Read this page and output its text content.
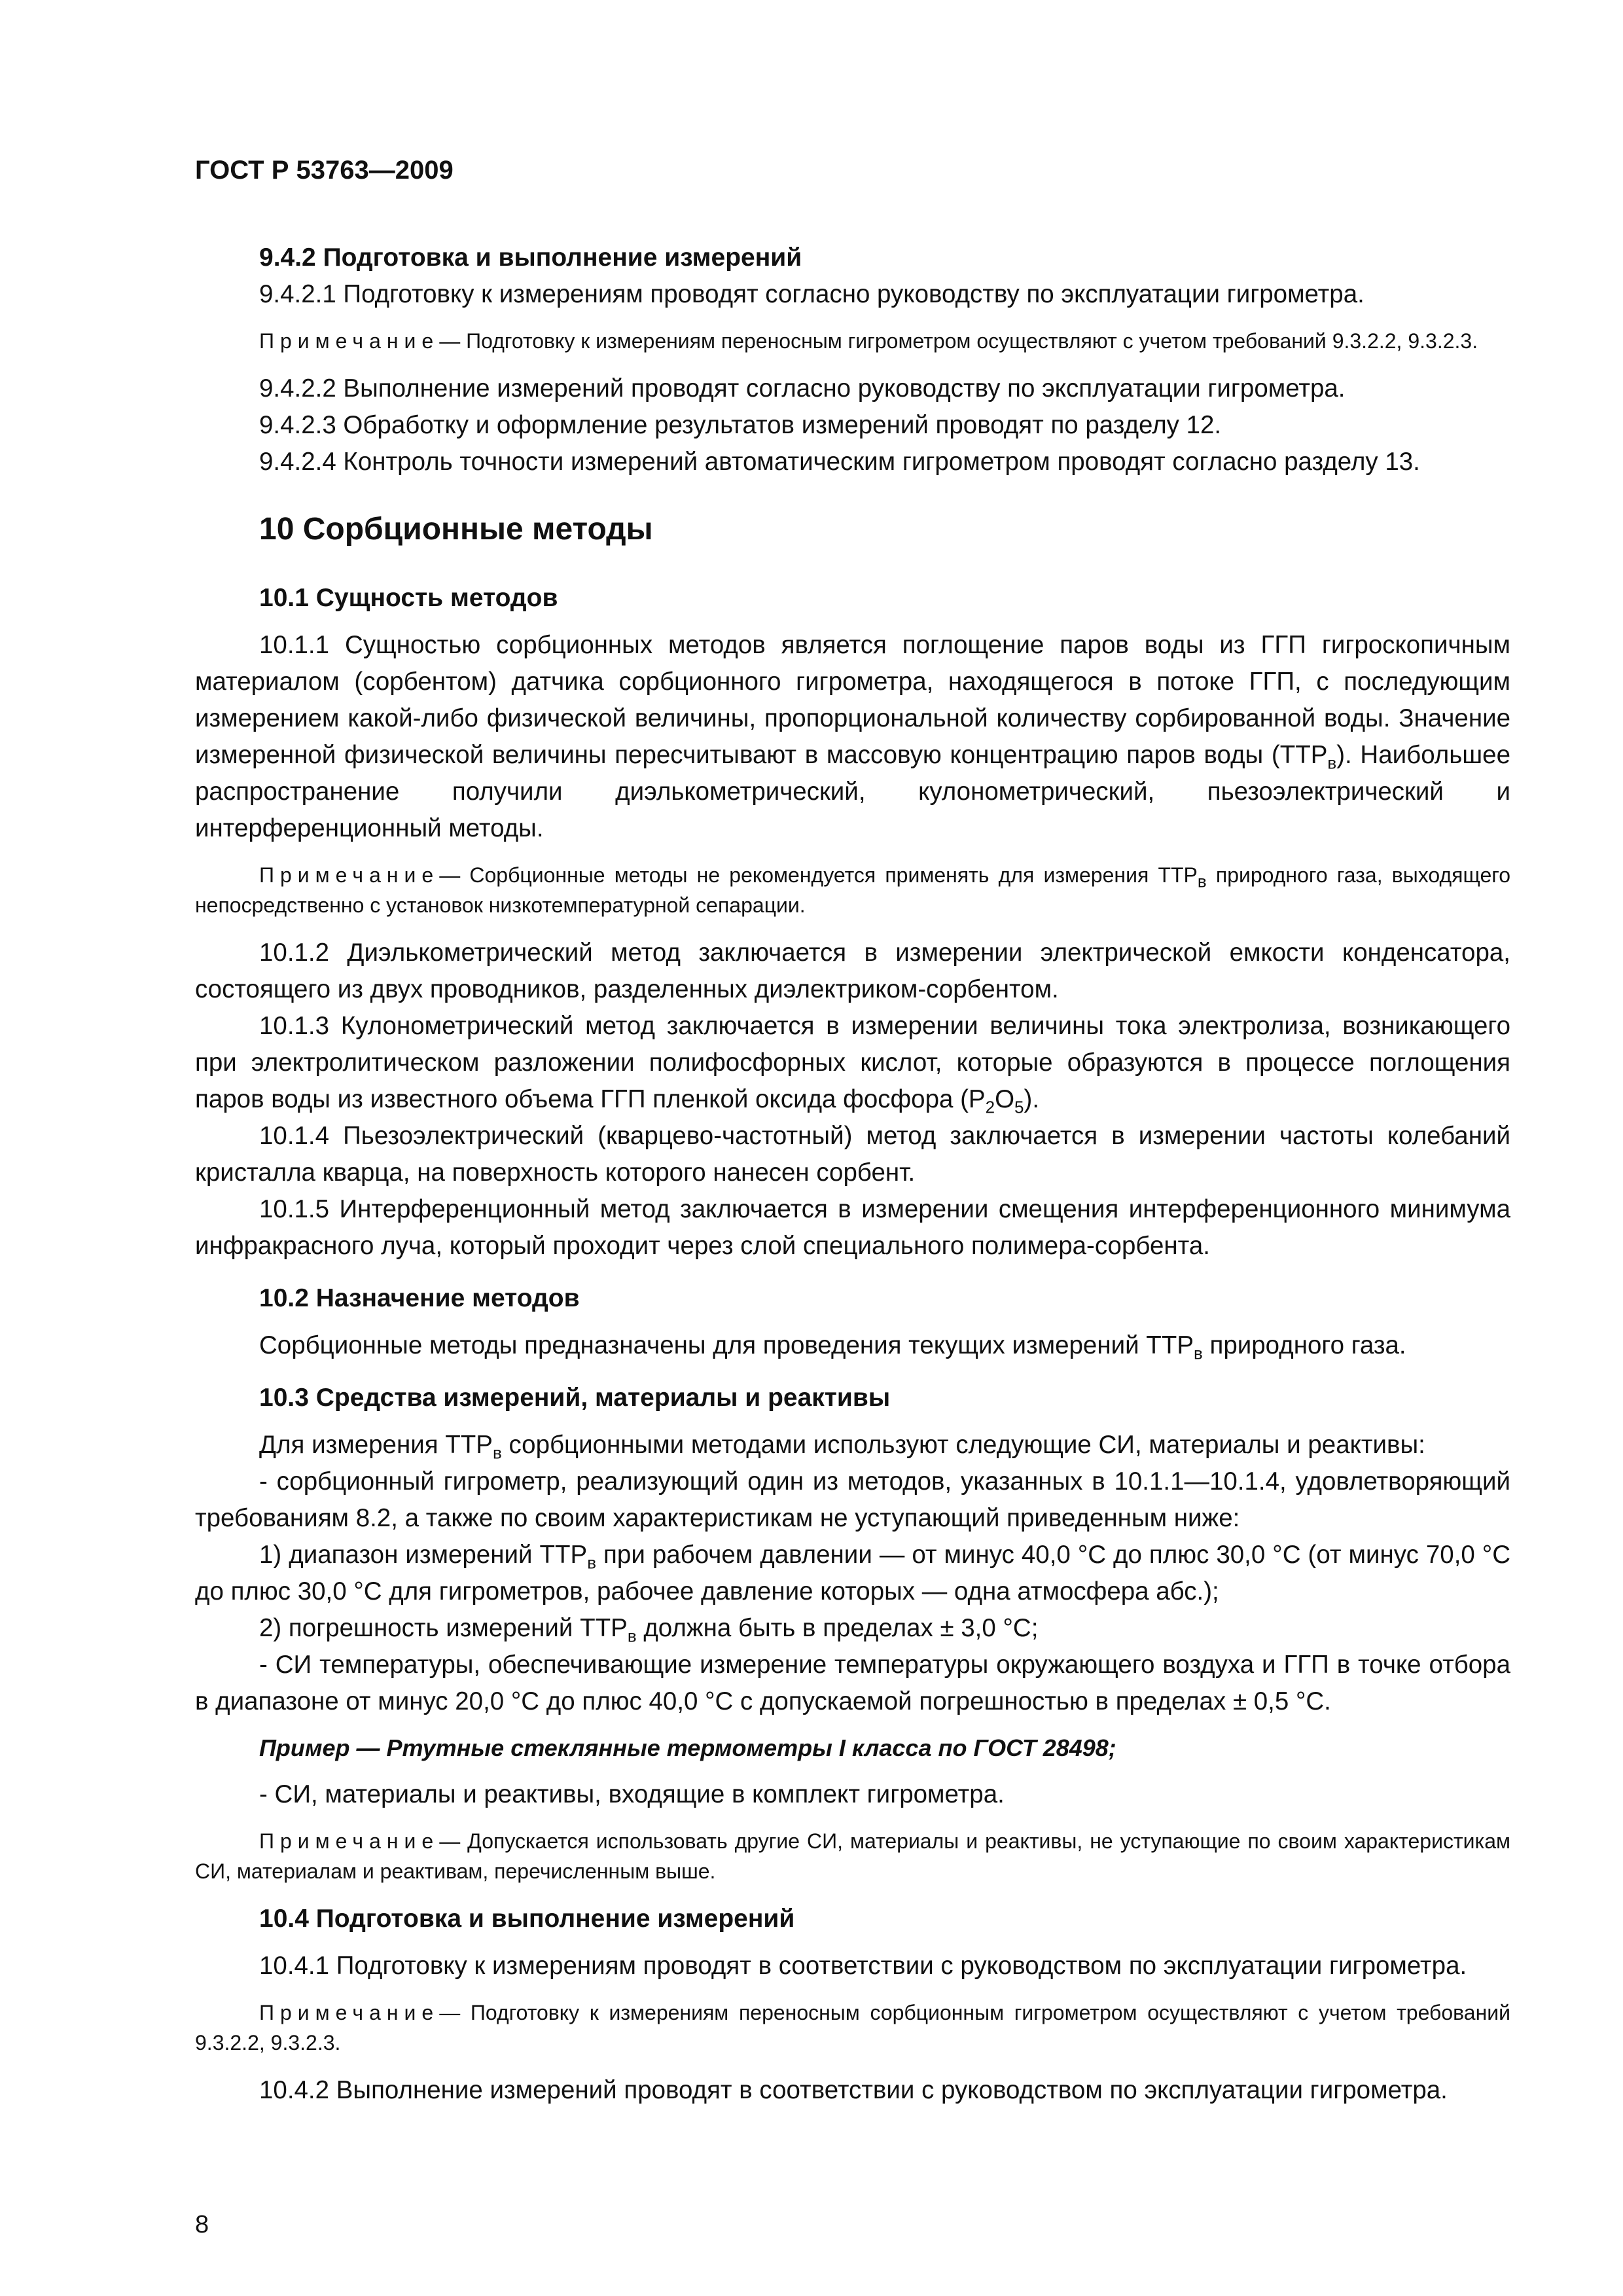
ГОСТ Р 53763—2009
9.4.2 Подготовка и выполнение измерений

9.4.2.1 Подготовку к измерениям проводят согласно руководству по эксплуатации гигрометра.

Примечание— Подготовку к измерениям переносным гигрометром осуществляют с учетом требований 9.3.2.2, 9.3.2.3.

9.4.2.2 Выполнение измерений проводят согласно руководству по эксплуатации гигрометра.

9.4.2.3 Обработку и оформление результатов измерений проводят по разделу 12.

9.4.2.4 Контроль точности измерений автоматическим гигрометром проводят согласно разделу 13.

10 Сорбционные методы
10.1 Сущность методов

10.1.1 Сущностью сорбционных методов является поглощение паров воды из ГГП гигроскопичным материалом (сорбентом) датчика сорбционного гигрометра, находящегося в потоке ГГП, с последующим измерением какой-либо физической величины, пропорциональной количеству сорбированной воды. Значение измеренной физической величины пересчитывают в массовую концентрацию паров воды $(ТТР_в)$. Наибольшее распространение получили диэлькометрический, кулонометрический, пьезоэлектрический и интерференционный методы.

Примечание— Сорбционные методы не рекомендуется применять для измерения $ТТР_в$ природного газа, выходящего непосредственно с установок низкотемпературной сепарации.

10.1.2 Диэлькометрический метод заключается в измерении электрической емкости конденсатора, состоящего из двух проводников, разделенных диэлектриком-сорбентом.

10.1.3 Кулонометрический метод заключается в измерении величины тока электролиза, возникающего при электролитическом разложении полифосфорных кислот, которые образуются в процессе поглощения паров воды из известного объема ГГП пленкой оксида фосфора $(P_2O_5)$.

10.1.4 Пьезоэлектрический (кварцево-частотный) метод заключается в измерении частоты колебаний кристалла кварца, на поверхность которого нанесен сорбент.

10.1.5 Интерференционный метод заключается в измерении смещения интерференционного минимума инфракрасного луча, который проходит через слой специального полимера-сорбента.

10.2 Назначение методов

Сорбционные методы предназначены для проведения текущих измерений $ТТР_в$ природного газа.

10.3 Средства измерений, материалы и реактивы

Для измерения $ТТР_в$ сорбционными методами используют следующие СИ, материалы и реактивы:

- сорбционный гигрометр, реализующий один из методов, указанных в 10.1.1—10.1.4, удовлетворяющий требованиям 8.2, а также по своим характеристикам не уступающий приведенным ниже:

1) диапазон измерений $ТТР_в$ при рабочем давлении — от минус 40,0 °С до плюс 30,0 °С (от минус 70,0 °С до плюс 30,0 °С для гигрометров, рабочее давление которых — одна атмосфера абс.);

2) погрешность измерений $ТТР_в$ должна быть в пределах ± 3,0 °С;

- СИ температуры, обеспечивающие измерение температуры окружающего воздуха и ГГП в точке отбора в диапазоне от минус 20,0 °С до плюс 40,0 °С с допускаемой погрешностью в пределах ± 0,5 °С.

Пример — Ртутные стеклянные термометры I класса по ГОСТ 28498;

- СИ, материалы и реактивы, входящие в комплект гигрометра.

Примечание— Допускается использовать другие СИ, материалы и реактивы, не уступающие по своим характеристикам СИ, материалам и реактивам, перечисленным выше.
10.4 Подготовка и выполнение измерений

10.4.1 Подготовку к измерениям проводят в соответствии с руководством по эксплуатации гигрометра.

Примечание— Подготовку к измерениям переносным сорбционным гигрометром осуществляют с учетом требований 9.3.2.2, 9.3.2.3.

10.4.2 Выполнение измерений проводят в соответствии с руководством по эксплуатации гигрометра.

8
